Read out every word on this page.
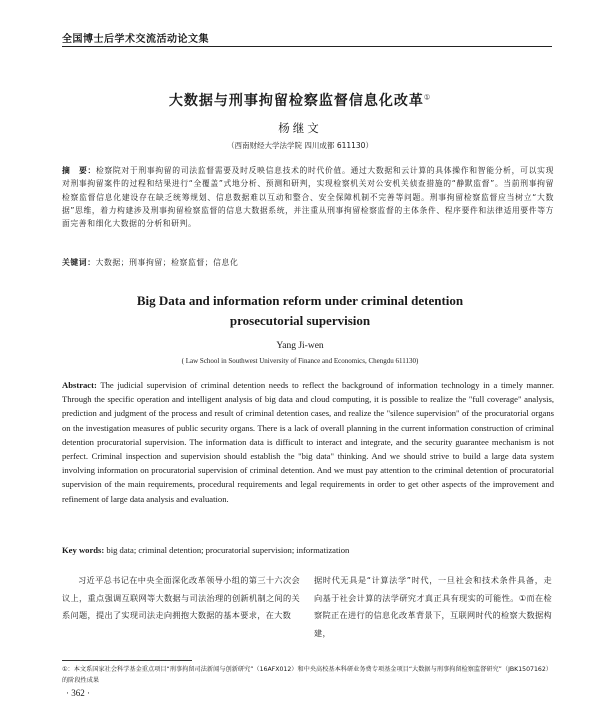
全国博士后学术交流活动论文集
大数据与刑事拘留检察监督信息化改革①
杨继文
（西南财经大学法学院 四川成都 611130）
摘　要：检察院对于刑事拘留的司法监督需要及时反映信息技术的时代价值。通过大数据和云计算的具体操作和智能分析，可以实现对刑事拘留案件的过程和结果进行“全覆盖”式地分析、预测和研判，实现检察机关对公安机关侦查措施的“静默监督”。当前刑事拘留检察监督信息化建设存在缺乏统筹规划、信息数据难以互动和整合、安全保障机制不完善等问题。刑事拘留检察监督应当树立“大数据”思维，着力构建涉及刑事拘留检察监督的信息大数据系统，并注重从刑事拘留检察监督的主体条件、程序要件和法律适用要件等方面完善和细化大数据的分析和研判。
关键词：大数据；刑事拘留；检察监督；信息化
Big Data and information reform under criminal detention
prosecutorial supervision
Yang Ji-wen
( Law School in Southwest University of Finance and Economics, Chengdu 611130)
Abstract: The judicial supervision of criminal detention needs to reflect the background of information technology in a timely manner. Through the specific operation and intelligent analysis of big data and cloud computing, it is possible to realize the "full coverage" analysis, prediction and judgment of the process and result of criminal detention cases, and realize the "silence supervision" of the procuratorial organs on the investigation measures of public security organs. There is a lack of overall planning in the current information construction of criminal detention procuratorial supervision. The information data is difficult to interact and integrate, and the security guarantee mechanism is not perfect. Criminal inspection and supervision should establish the "big data" thinking. And we should strive to build a large data system involving information on procuratorial supervision of criminal detention. And we must pay attention to the criminal detention of procuratorial supervision of the main requirements, procedural requirements and legal requirements in order to get other aspects of the improvement and refinement of large data analysis and evaluation.
Key words: big data; criminal detention; procuratorial supervision; informatization
习近平总书记在中央全面深化改革领导小组的第三十六次会议上，重点强调互联网等大数据与司法治理的创新机制之间的关系问题，提出了实现司法走向拥抱大数据的基本要求，在大数
据时代无具是“计算法学”时代，一旦社会和技术条件具备，走向基于社会计算的法学研究才真正具有现实的可能性。①而在检察院正在进行的信息化改革背景下，互联网时代的检察大数据构建，
①：本文系国家社会科学基金重点项目“刑事拘留司法新闻与创新研究”（16AFX012）和中央高校基本科研业务费专项基金项目“大数据与刑事拘留检察监督研究”（JBK1507162）的阶段性成果
· 362 ·
